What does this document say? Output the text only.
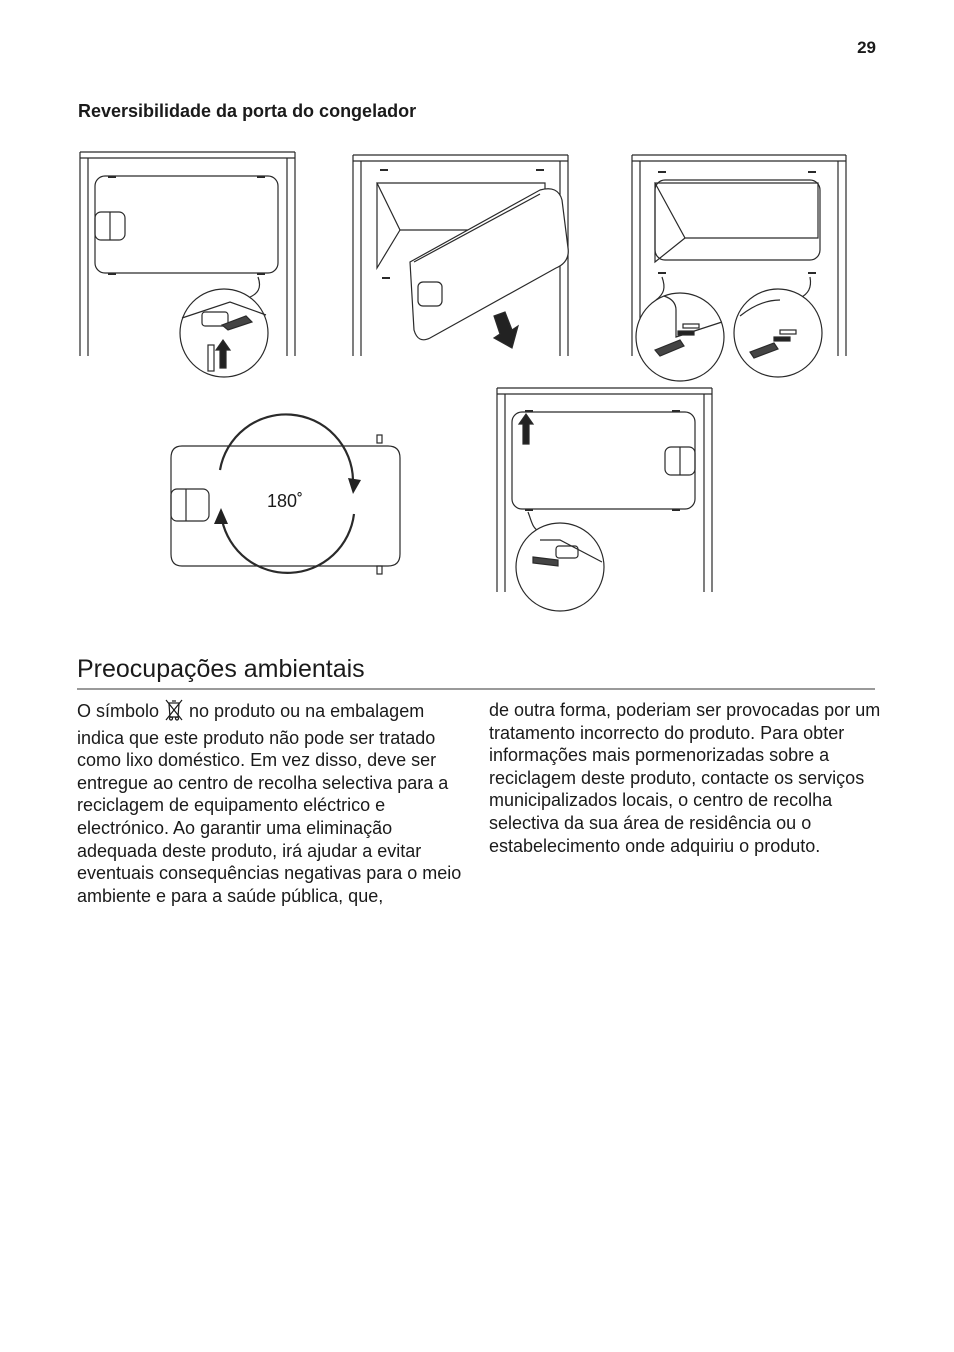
29
Reversibilidade da porta do congelador
180˚
Preocupações ambientais

O símbolo no produto ou na embalagem indica que este produto não pode ser tratado como lixo doméstico. Em vez disso, deve ser entregue ao centro de recolha selectiva para a reciclagem de equipamento eléctrico e electrónico. Ao garantir uma eliminação adequada deste produto, irá ajudar a evitar eventuais consequências negativas para o meio ambiente e para a saúde pública, que,

de outra forma, poderiam ser provocadas por um tratamento incorrecto do produto. Para obter informações mais pormenorizadas sobre a reciclagem deste produto, contacte os serviços municipalizados locais, o centro de recolha selectiva da sua área de residência ou o estabelecimento onde adquiriu o produto.
